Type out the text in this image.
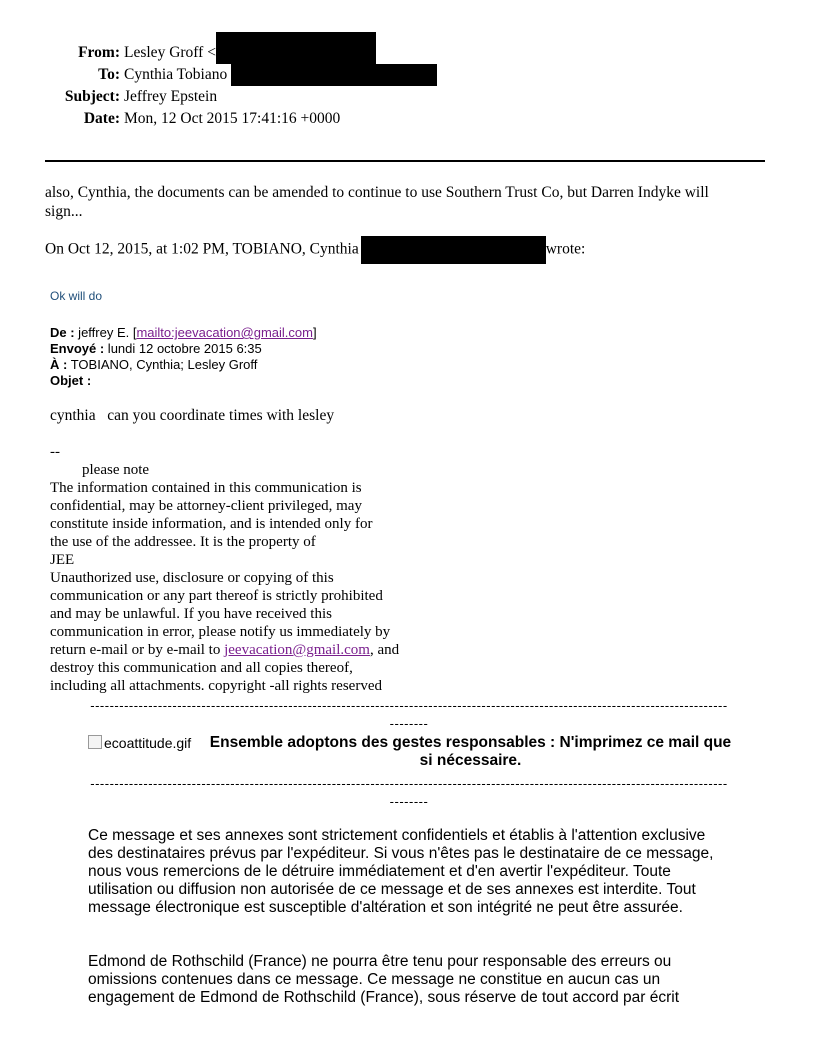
From: Lesley Groff <
To: Cynthia Tobiano
Subject: Jeffrey Epstein
Date: Mon, 12 Oct 2015 17:41:16 +0000
also, Cynthia, the documents can be amended to continue to use Southern Trust Co, but Darren Indyke will sign...
On Oct 12, 2015, at 1:02 PM, TOBIANO, Cynthia	wrote:
Ok will do
De : jeffrey E. [mailto:jeevacation@gmail.com]
Envoyé : lundi 12 octobre 2015 6:35
À : TOBIANO, Cynthia; Lesley Groff
Objet :
cynthia   can you coordinate times with lesley
--
please note
The information contained in this communication is
confidential, may be attorney-client privileged, may
constitute inside information, and is intended only for
the use of the addressee. It is the property of
JEE
Unauthorized use, disclosure or copying of this
communication or any part thereof is strictly prohibited
and may be unlawful. If you have received this
communication in error, please notify us immediately by
return e-mail or by e-mail to jeevacation@gmail.com, and
destroy this communication and all copies thereof,
including all attachments. copyright -all rights reserved
--------------------------------------------------------------------------------------------------------------------------------------------
ecoattitude.gif	Ensemble adoptons des gestes responsables : N'imprimez ce mail que si nécessaire.
--------------------------------------------------------------------------------------------------------------------------------------------
Ce message et ses annexes sont strictement confidentiels et établis à l'attention exclusive des destinataires prévus par l'expéditeur. Si vous n'êtes pas le destinataire de ce message, nous vous remercions de le détruire immédiatement et d'en avertir l'expéditeur. Toute utilisation ou diffusion non autorisée de ce message et de ses annexes est interdite. Tout message électronique est susceptible d'altération et son intégrité ne peut être assurée.
Edmond de Rothschild (France) ne pourra être tenu pour responsable des erreurs ou omissions contenues dans ce message. Ce message ne constitue en aucun cas un engagement de Edmond de Rothschild (France), sous réserve de tout accord par écrit
